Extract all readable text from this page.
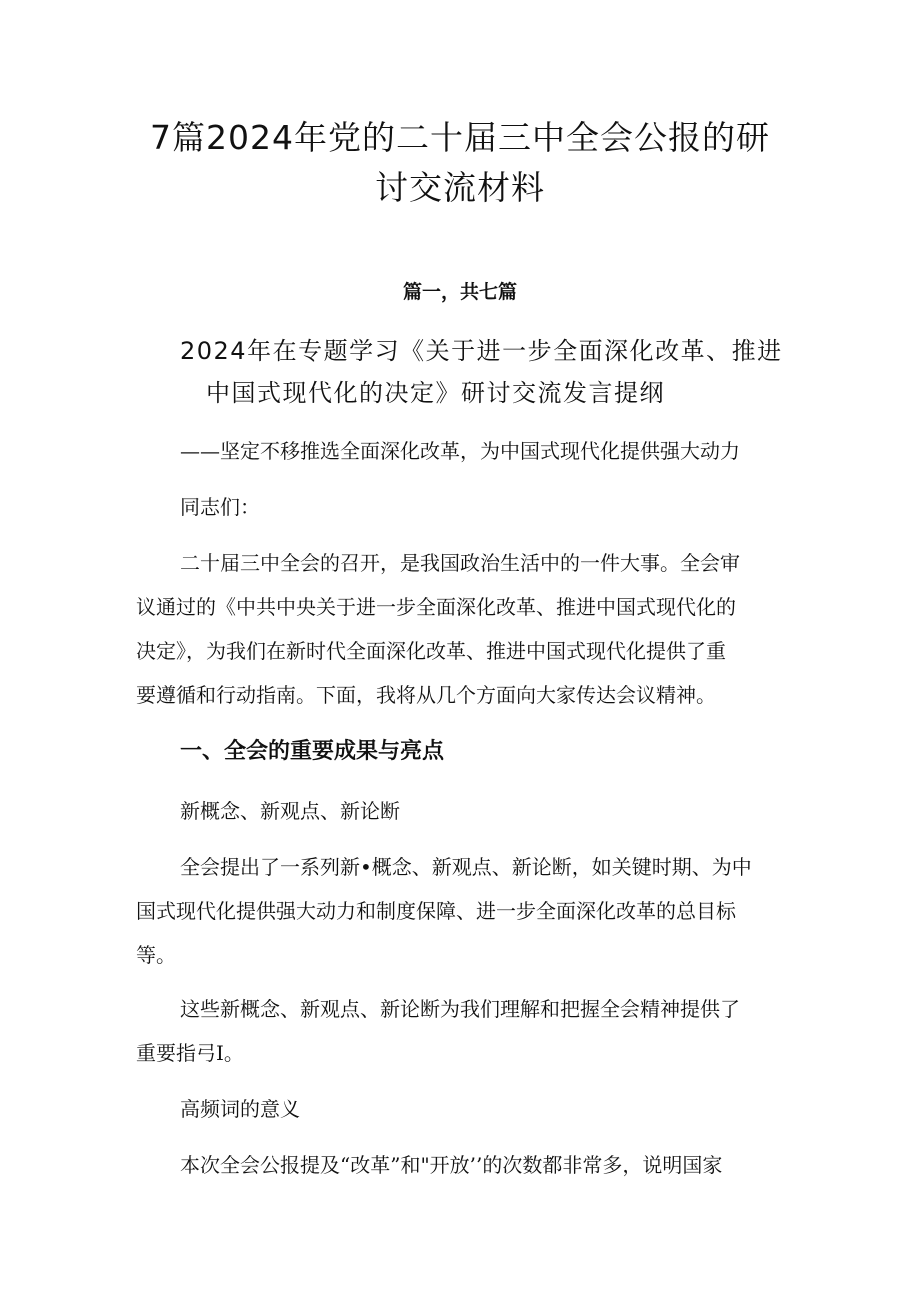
7篇2024年党的二十届三中全会公报的研
讨交流材料
篇一，共七篇
2024年在专题学习《关于进一步全面深化改革、推进
中国式现代化的决定》研讨交流发言提纲
——坚定不移推选全面深化改革，为中国式现代化提供强大动力
同志们：
二十届三中全会的召开，是我国政治生活中的一件大事。全会审
议通过的《中共中央关于进一步全面深化改革、推进中国式现代化的
决定》，为我们在新时代全面深化改革、推进中国式现代化提供了重
要遵循和行动指南。下面，我将从几个方面向大家传达会议精神。
一、全会的重要成果与亮点
新概念、新观点、新论断
全会提出了一系列新•概念、新观点、新论断，如关键时期、为中
国式现代化提供强大动力和制度保障、进一步全面深化改革的总目标
等。
这些新概念、新观点、新论断为我们理解和把握全会精神提供了
重要指弓I。
高频词的意义
本次全会公报提及“改革”和"开放’’的次数都非常多，说明国家
